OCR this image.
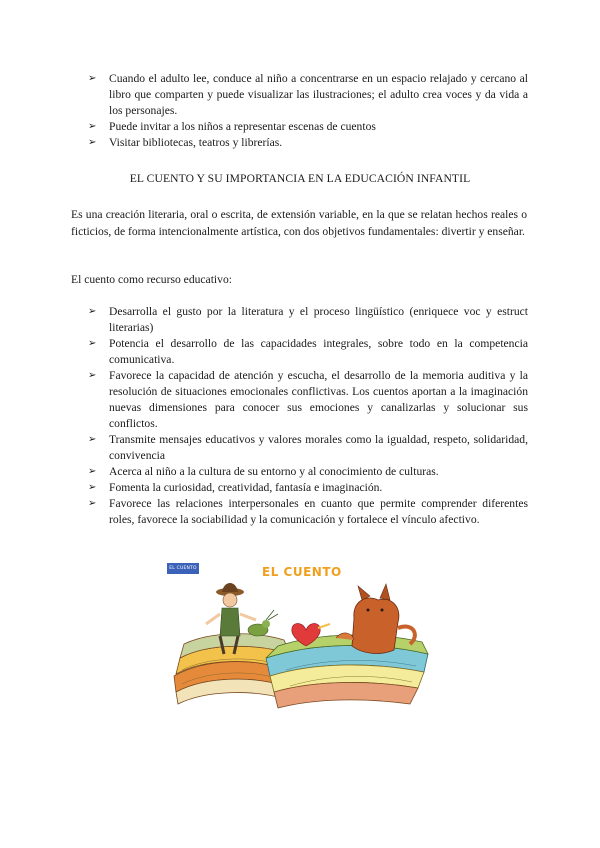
➢ Cuando el adulto lee, conduce al niño a concentrarse en un espacio relajado y cercano al libro que comparten y puede visualizar las ilustraciones; el adulto crea voces y da vida a los personajes.
➢ Puede invitar a los niños a representar escenas de cuentos
➢ Visitar bibliotecas, teatros y librerías.
EL CUENTO Y SU IMPORTANCIA EN LA EDUCACIÓN INFANTIL

Es una creación literaria, oral o escrita, de extensión variable, en la que se relatan hechos reales o ficticios, de forma intencionalmente artística, con dos objetivos fundamentales: divertir y enseñar.

El cuento como recurso educativo:

➢ Desarrolla el gusto por la literatura y el proceso lingüístico (enriquece voc y estruct literarias)
➢ Potencia el desarrollo de las capacidades integrales, sobre todo en la competencia comunicativa.
➢ Favorece la capacidad de atención y escucha, el desarrollo de la memoria auditiva y la resolución de situaciones emocionales conflictivas. Los cuentos aportan a la imaginación nuevas dimensiones para conocer sus emociones y canalizarlas y solucionar sus conflictos.
➢ Transmite mensajes educativos y valores morales como la igualdad, respeto, solidaridad, convivencia
➢ Acerca al niño a la cultura de su entorno y al conocimiento de culturas.
➢ Fomenta la curiosidad, creatividad, fantasía e imaginación.
➢ Favorece las relaciones interpersonales en cuanto que permite comprender diferentes roles, favorece la sociabilidad y la comunicación y fortalece el vínculo afectivo.
EL CUENTO	EL CUENTO
